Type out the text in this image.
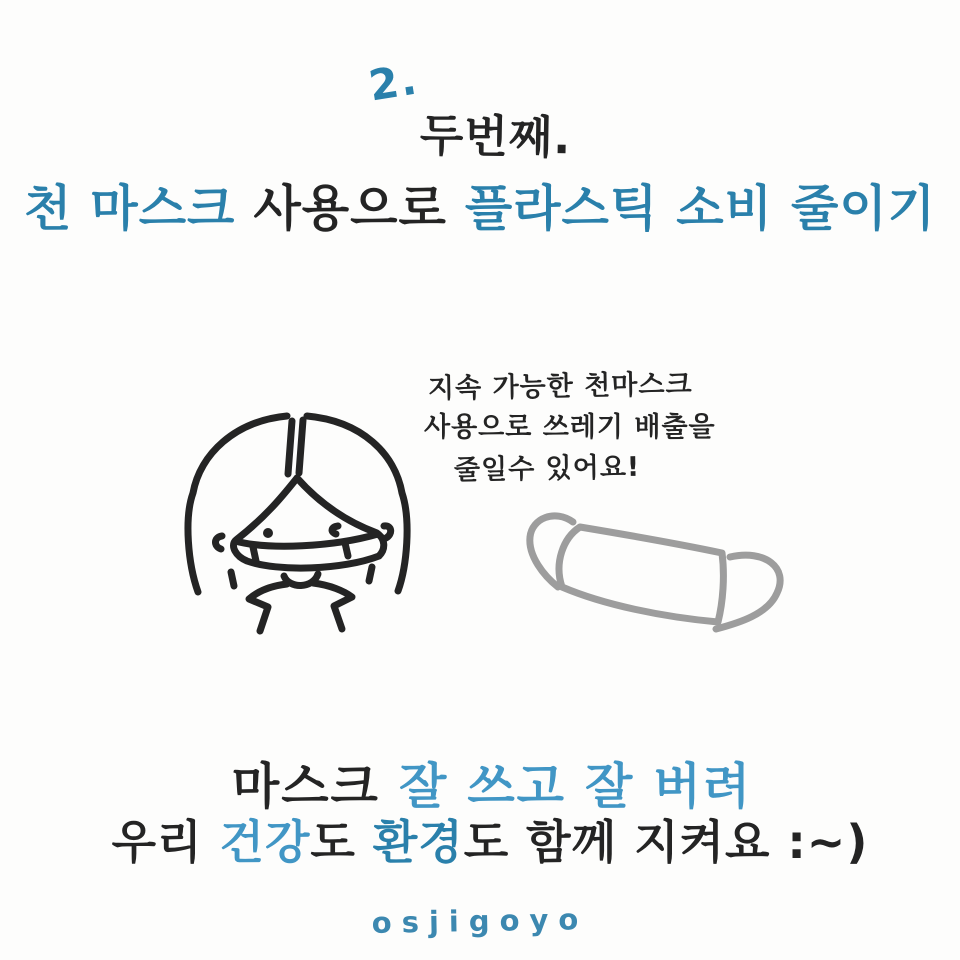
2.
두번째.
천 마스크 사용으로 플라스틱 소비 줄이기
지속 가능한 천마스크
사용으로 쓰레기 배출을
줄일수 있어요!
마스크 잘 쓰고 잘 버려
우리 건강도 환경도 함께 지켜요 :~)
osjigoyo
